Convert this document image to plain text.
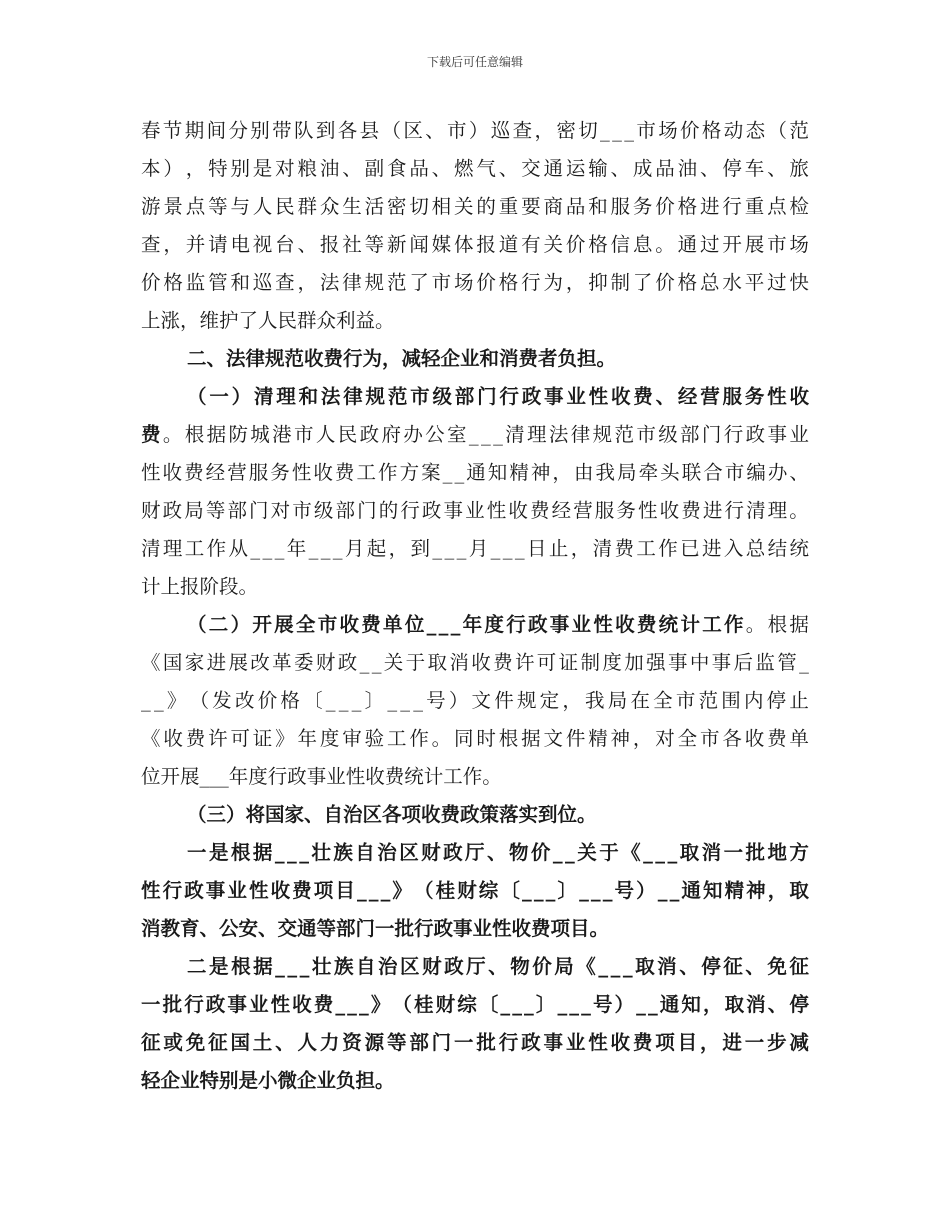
下载后可任意编辑
春 节 期 间 分 别 带 队 到 各 县 （ 区 、 市 ） 巡 查 ， 密 切 _ _ _ 市 场 价 格 动 态 （ 范
本 ） ， 特 别 是 对 粮 油 、 副 食 品 、 燃 气 、 交 通 运 输 、 成 品 油 、 停 车 、 旅
游 景 点 等 与 人 民 群 众 生 活 密 切 相 关 的 重 要 商 品 和 服 务 价 格 进 行 重 点 检
查 ， 并 请 电 视 台 、 报 社 等 新 闻 媒 体 报 道 有 关 价 格 信 息 。 通 过 开 展 市 场
价 格 监 管 和 巡 查 ， 法 律 规 范 了 市 场 价 格 行 为 ， 抑 制 了 价 格 总 水 平 过 快
上涨，维护了人民群众利益。
二、法律规范收费行为，减轻企业和消费者负担。
（ 一 ） 清 理 和 法 律 规 范 市 级 部 门 行 政 事 业 性 收 费 、 经 营 服 务 性 收
费 。 根 据 防 城 港 市 人 民 政 府 办 公 室 _ _ _ 清 理 法 律 规 范 市 级 部 门 行 政 事 业
性 收 费 经 营 服 务 性 收 费 工 作 方 案 _ _ 通 知 精 神 ， 由 我 局 牵 头 联 合 市 编 办 、
财 政 局 等 部 门 对 市 级 部 门 的 行 政 事 业 性 收 费 经 营 服 务 性 收 费 进 行 清 理 。
清 理 工 作 从 _ _ _ 年 _ _ _ 月 起 ， 到 _ _ _ 月 _ _ _ 日 止 ， 清 费 工 作 已 进 入 总 结 统
计上报阶段。
（ 二 ） 开 展 全 市 收 费 单 位 _ _ _ 年 度 行 政 事 业 性 收 费 统 计 工 作 。 根 据
《 国 家 进 展 改 革 委 财 政 _ _ 关 于 取 消 收 费 许 可 证 制 度 加 强 事 中 事 后 监 管 _
_ _ 》 （ 发 改 价 格 〔 _ _ _ 〕 _ _ _ 号 ） 文 件 规 定 ， 我 局 在 全 市 范 围 内 停 止
《 收 费 许 可 证 》 年 度 审 验 工 作 。 同 时 根 据 文 件 精 神 ， 对 全 市 各 收 费 单
位开展___年度行政事业性收费统计工作。
（三）将国家、自治区各项收费政策落实到位。
一 是 根 据 _ _ _ 壮 族 自 治 区 财 政 厅 、 物 价 _ _ 关 于 《 _ _ _ 取 消 一 批 地 方
性 行 政 事 业 性 收 费 项 目 _ _ _ 》 （ 桂 财 综 〔 _ _ _ 〕 _ _ _ 号 ） _ _ 通 知 精 神 ， 取
消教育、公安、交通等部门一批行政事业性收费项目。
二 是 根 据 _ _ _ 壮 族 自 治 区 财 政 厅 、 物 价 局 《 _ _ _ 取 消 、 停 征 、 免 征
一 批 行 政 事 业 性 收 费 _ _ _ 》 （ 桂 财 综 〔 _ _ _ 〕 _ _ _ 号 ） _ _ 通 知 ， 取 消 、 停
征 或 免 征 国 土 、 人 力 资 源 等 部 门 一 批 行 政 事 业 性 收 费 项 目 ， 进 一 步 减
轻企业特别是小微企业负担。
